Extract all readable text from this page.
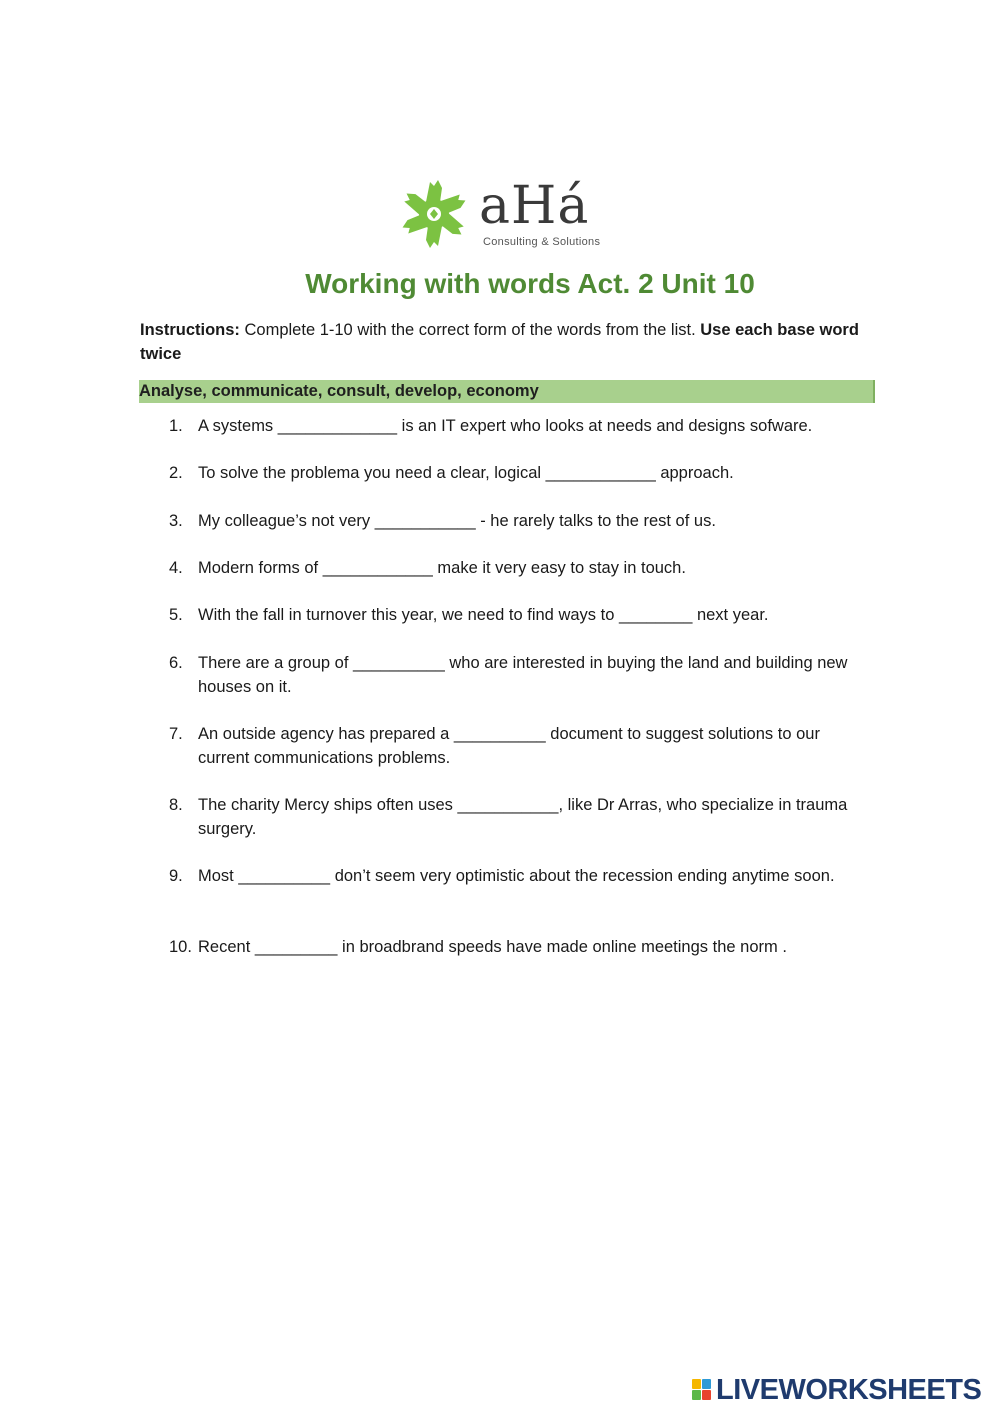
aHá
Consulting & Solutions
Working with words Act. 2 Unit 10
Instructions: Complete 1-10 with the correct form of the words from the list. Use each base word twice
Analyse, communicate, consult, develop, economy
1. A systems _____________ is an IT expert who looks at needs and designs sofware.
2. To solve the problema you need a clear, logical ____________ approach.
3. My colleague’s not very ___________ - he rarely talks to the rest of us.
4. Modern forms of ____________ make it very easy to stay in touch.
5. With the fall in turnover this year, we need to find ways to ________ next year.
6. There are a group of __________ who are interested in buying the land and building new houses on it.
7. An outside agency has prepared a __________ document to suggest solutions to our current communications problems.
8. The charity Mercy ships often uses ___________, like Dr Arras, who specialize in trauma surgery.
9. Most __________ don’t seem very optimistic about the recession ending anytime soon.
10. Recent _________ in broadbrand speeds have made online meetings the norm .
LIVEWORKSHEETS
